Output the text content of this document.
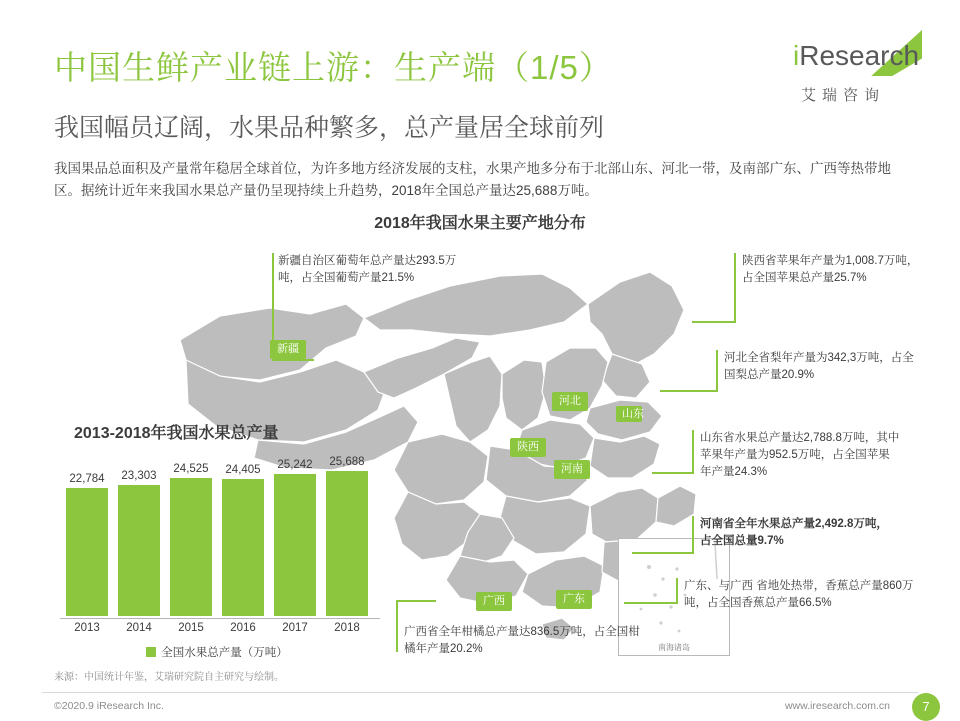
中国生鲜产业链上游：生产端（1/5）
我国幅员辽阔，水果品种繁多，总产量居全球前列
我国果品总面积及产量常年稳居全球首位，为许多地方经济发展的支柱，水果产地多分布于北部山东、河北一带，及南部广东、广西等热带地区。据统计近年来我国水果总产量仍呈现持续上升趋势，2018年全国总产量达25,688万吨。
iResearch
艾瑞咨询
2018年我国水果主要产地分布
新疆
河北
山东
陕西
河南
广西	广东
南海诸岛
新疆自治区葡萄年总产量达293.5万吨，占全国葡萄产量21.5%
陕西省苹果年产量为1,008.7万吨，占全国苹果总产量25.7%
河北全省梨年产量为342,3万吨，占全国梨总产量20.9%
山东省水果总产量达2,788.8万吨，其中苹果年产量为952.5万吨，占全国苹果年产量24.3%
河南省全年水果总产量2,492.8万吨，占全国总量9.7%
广东、与广西 省地处热带，香蕉总产量860万吨，占全国香蕉总产量66.5%
广西省全年柑橘总产量达836.5万吨，占全国柑橘年产量20.2%
2013-2018年我国水果总产量
22,784 23,303
24,525 24,405 25,242 25,688
2013	2014	2015	2016	2017	2018
全国水果总产量（万吨）
来源：中国统计年鉴，艾瑞研究院自主研究与绘制。
©2020.9 iResearch Inc.	www.iresearch.com.cn	7
